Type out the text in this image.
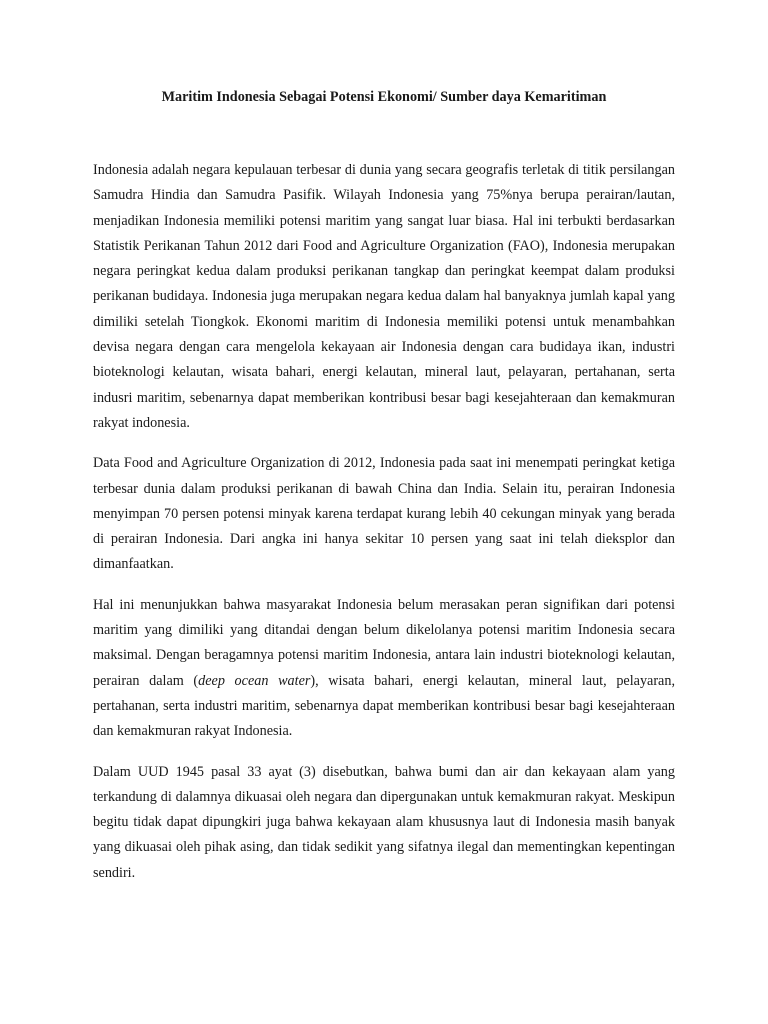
Maritim Indonesia Sebagai Potensi Ekonomi/ Sumber daya Kemaritiman

Indonesia adalah negara kepulauan terbesar di dunia yang secara geografis terletak di titik persilangan Samudra Hindia dan Samudra Pasifik. Wilayah Indonesia yang 75%nya berupa perairan/lautan, menjadikan Indonesia memiliki potensi maritim yang sangat luar biasa. Hal ini terbukti berdasarkan Statistik Perikanan Tahun 2012 dari Food and Agriculture Organization (FAO), Indonesia merupakan negara peringkat kedua dalam produksi perikanan tangkap dan peringkat keempat dalam produksi perikanan budidaya. Indonesia juga merupakan negara kedua dalam hal banyaknya jumlah kapal yang dimiliki setelah Tiongkok. Ekonomi maritim di Indonesia memiliki potensi untuk menambahkan devisa negara dengan cara mengelola kekayaan air Indonesia dengan cara budidaya ikan, industri bioteknologi kelautan, wisata bahari, energi kelautan, mineral laut, pelayaran, pertahanan, serta indusri maritim, sebenarnya dapat memberikan kontribusi besar bagi kesejahteraan dan kemakmuran rakyat indonesia.

Data Food and Agriculture Organization di 2012, Indonesia pada saat ini menempati peringkat ketiga terbesar dunia dalam produksi perikanan di bawah China dan India. Selain itu, perairan Indonesia menyimpan 70 persen potensi minyak karena terdapat kurang lebih 40 cekungan minyak yang berada di perairan Indonesia. Dari angka ini hanya sekitar 10 persen yang saat ini telah dieksplor dan dimanfaatkan.

Hal ini menunjukkan bahwa masyarakat Indonesia belum merasakan peran signifikan dari potensi maritim yang dimiliki yang ditandai dengan belum dikelolanya potensi maritim Indonesia secara maksimal. Dengan beragamnya potensi maritim Indonesia, antara lain industri bioteknologi kelautan, perairan dalam (deep ocean water), wisata bahari, energi kelautan, mineral laut, pelayaran, pertahanan, serta industri maritim, sebenarnya dapat memberikan kontribusi besar bagi kesejahteraan dan kemakmuran rakyat Indonesia.

Dalam UUD 1945 pasal 33 ayat (3) disebutkan, bahwa bumi dan air dan kekayaan alam yang terkandung di dalamnya dikuasai oleh negara dan dipergunakan untuk kemakmuran rakyat. Meskipun begitu tidak dapat dipungkiri juga bahwa kekayaan alam khususnya laut di Indonesia masih banyak yang dikuasai oleh pihak asing, dan tidak sedikit yang sifatnya ilegal dan mementingkan kepentingan sendiri.
